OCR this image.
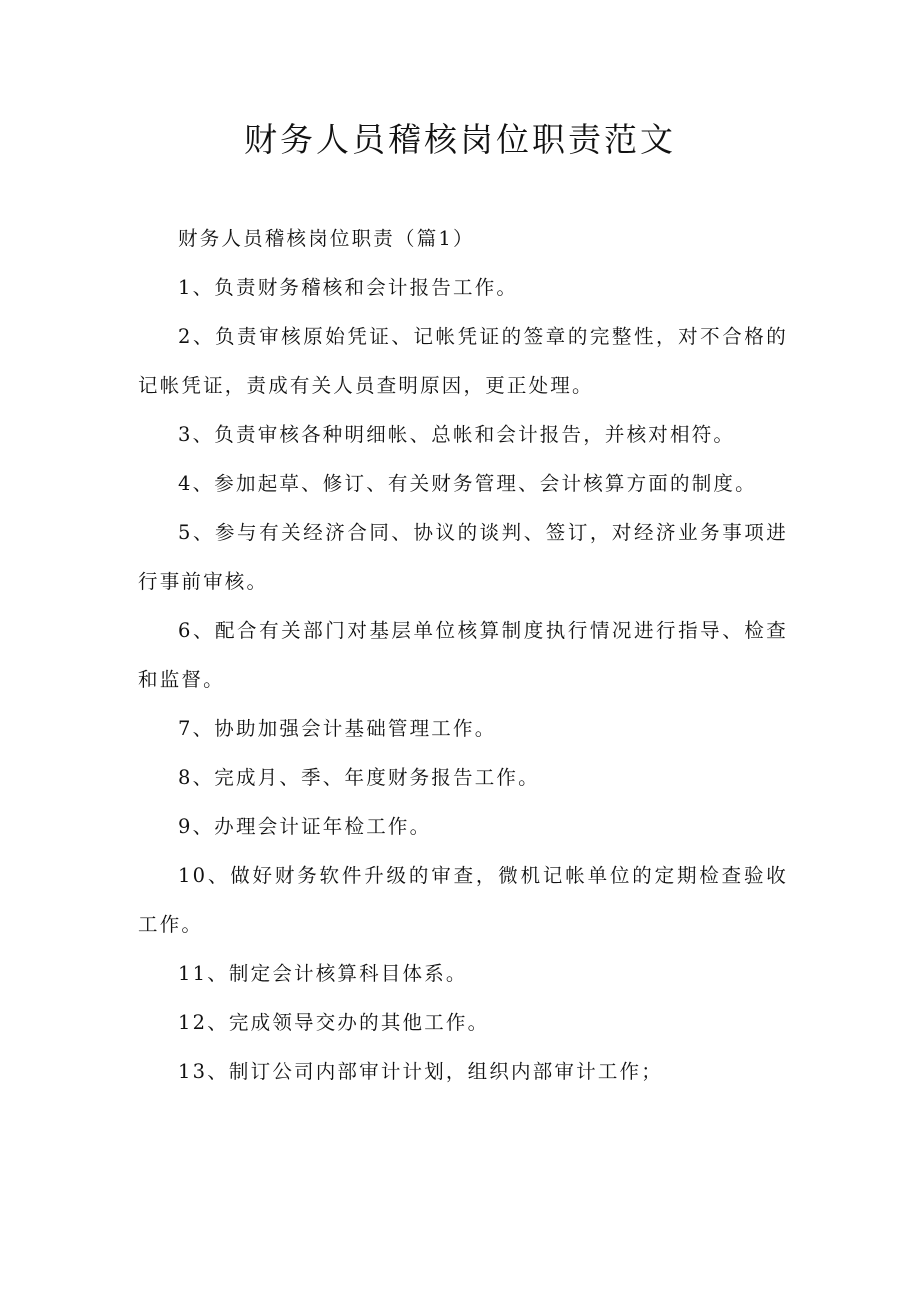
财务人员稽核岗位职责范文

财务人员稽核岗位职责（篇1）

1、负责财务稽核和会计报告工作。

2、负责审核原始凭证、记帐凭证的签章的完整性，对不合格的记帐凭证，责成有关人员查明原因，更正处理。

3、负责审核各种明细帐、总帐和会计报告，并核对相符。

4、参加起草、修订、有关财务管理、会计核算方面的制度。

5、参与有关经济合同、协议的谈判、签订，对经济业务事项进行事前审核。

6、配合有关部门对基层单位核算制度执行情况进行指导、检查和监督。

7、协助加强会计基础管理工作。

8、完成月、季、年度财务报告工作。

9、办理会计证年检工作。

10、做好财务软件升级的审查，微机记帐单位的定期检查验收工作。

11、制定会计核算科目体系。

12、完成领导交办的其他工作。

13、制订公司内部审计计划，组织内部审计工作；
